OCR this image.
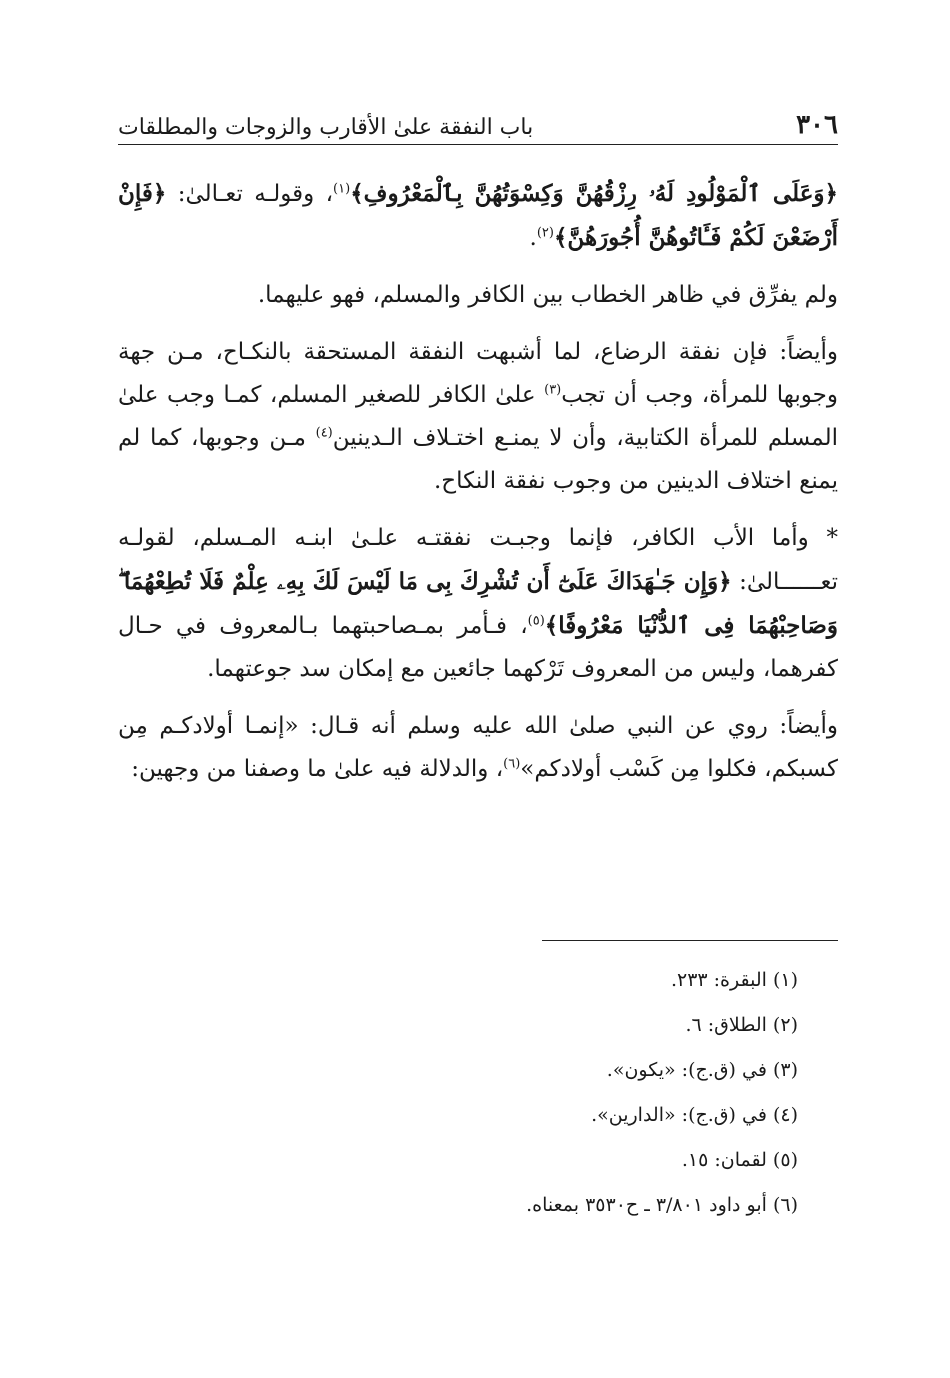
٣٠٦
باب النفقة علىٰ الأقارب والزوجات والمطلقات

﴿وَعَلَى ٱلْمَوْلُودِ لَهُۥ رِزْقُهُنَّ وَكِسْوَتُهُنَّ بِٱلْمَعْرُوفِ﴾$^{(١)}$، وقولـه تعـالىٰ: ﴿فَإِنْ أَرْضَعْنَ لَكُمْ فَـَٔاتُوهُنَّ أُجُورَهُنَّ﴾$^{(٢)}$.

ولم يفرِّق في ظاهر الخطاب بين الكافر والمسلم، فهو عليهما.

وأيضاً: فإن نفقة الرضاع، لما أشبهت النفقة المستحقة بالنكـاح، مـن جهة وجوبها للمرأة، وجب أن تجب$^{(٣)}$ علىٰ الكافر للصغير المسلم، كمـا وجب علىٰ المسلم للمرأة الكتابية، وأن لا يمنـع اختـلاف الـدينين$^{(٤)}$ مـن وجوبها، كما لم يمنع اختلاف الدينين من وجوب نفقة النكاح.

* وأما الأب الكافر، فإنما وجبـت نفقتـه علـىٰ ابنـه المـسلم، لقولـه تعــــــالىٰ: ﴿وَإِن جَـٰهَدَاكَ عَلَىٰٓ أَن تُشْرِكَ بِى مَا لَيْسَ لَكَ بِهِۦ عِلْمٌ فَلَا تُطِعْهُمَا ۖ وَصَاحِبْهُمَا فِى ٱلدُّنْيَا مَعْرُوفًا﴾$^{(٥)}$، فـأمر بمـصاحبتهما بـالمعروف في حـال كفرهما، وليس من المعروف تَرْكهما جائعين مع إمكان سد جوعتهما.

وأيضاً: روي عن النبي صلىٰ الله عليه وسلم أنه قـال: «إنمـا أولادكـم مِن كسبكم، فكلوا مِن كَسْب أولادكم»$^{(٦)}$، والدلالة فيه علىٰ ما وصفنا من وجهين:

(١) البقرة: ٢٣٣.
(٢) الطلاق: ٦.
(٣) في (ق.ج): «يكون».
(٤) في (ق.ج): «الدارين».
(٥) لقمان: ١٥.
(٦) أبو داود ٣/٨٠١ ـ ح٣٥٣٠ بمعناه.
